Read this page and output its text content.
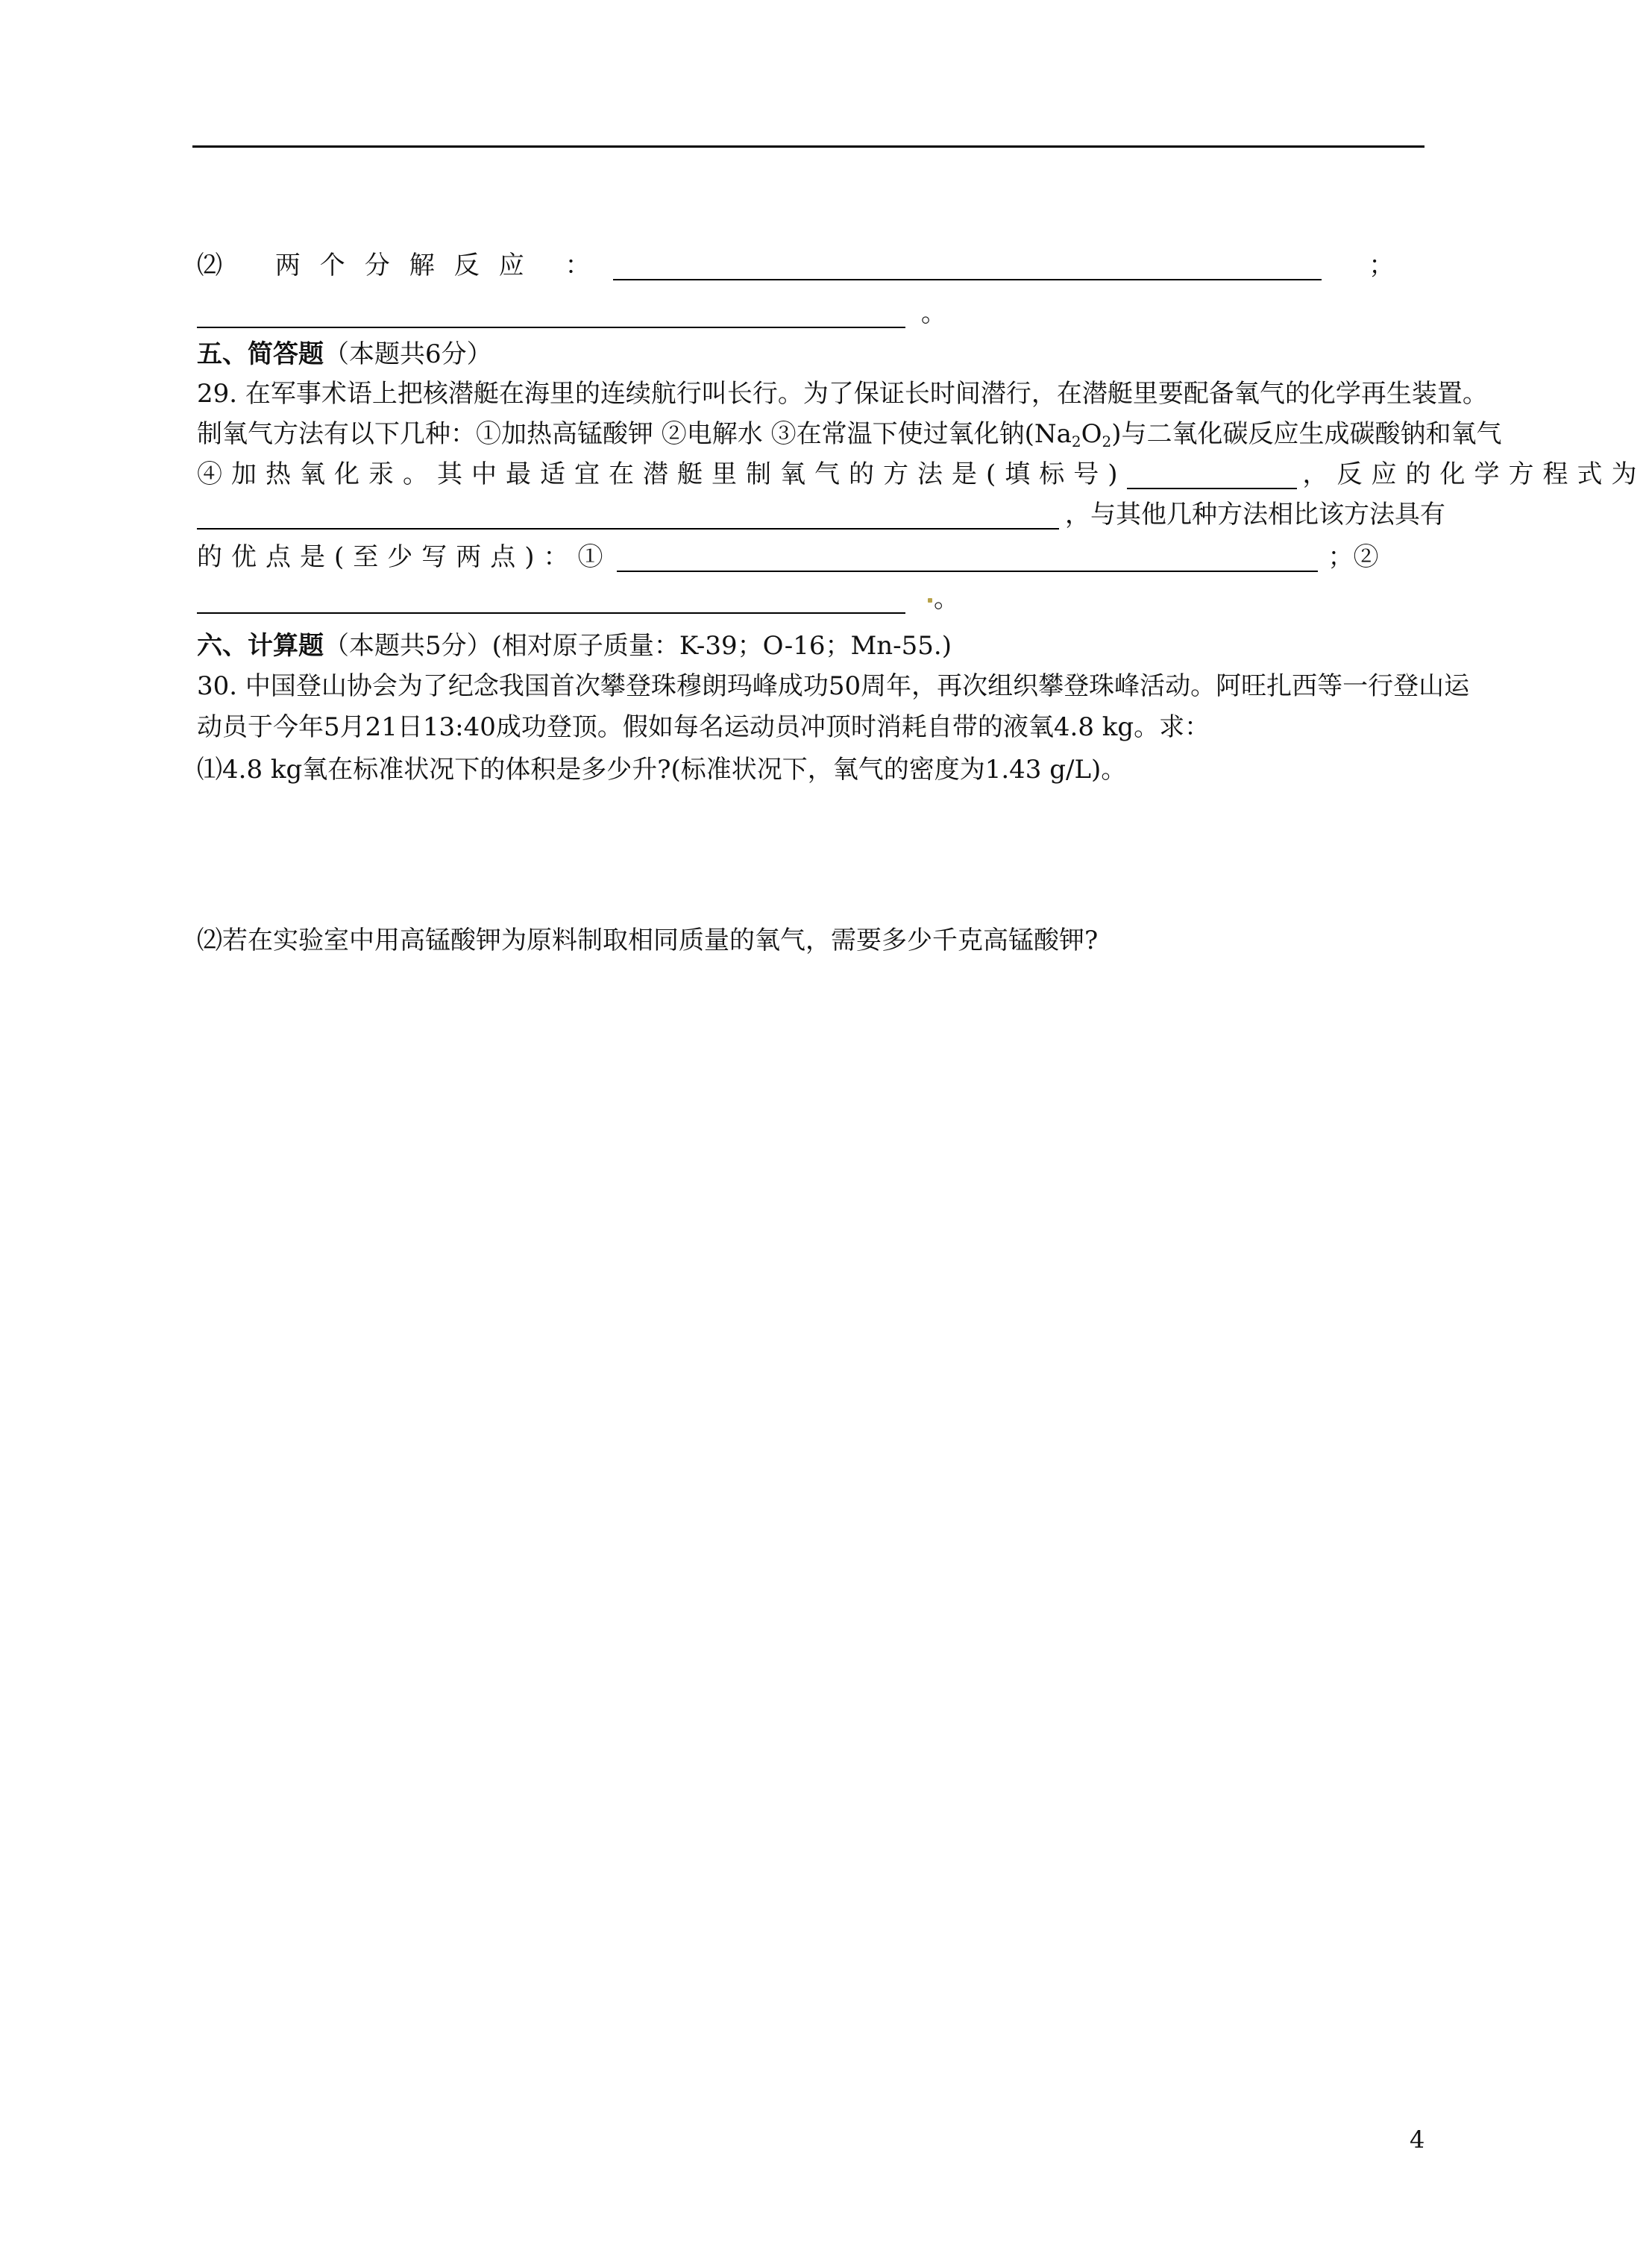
⑵ 两个分解反应 ：	；
。
五、简答题（本题共6分）
29. 在军事术语上把核潜艇在海里的连续航行叫长行。为了保证长时间潜行，在潜艇里要配备氧气的化学再生装置。
制氧气方法有以下几种：①加热高锰酸钾 ②电解水 ③在常温下使过氧化钠$(Na_2O_2)$与二氧化碳反应生成碳酸钠和氧气
④加热氧化汞。其中最适宜在潜艇里制氧气的方法是(填标号)	，反应的化学方程式为
，与其他几种方法相比该方法具有
的优点是(至少写两点)：①	；②
。
六、计算题（本题共5分）(相对原子质量：K-39；O-16；Mn-55.)
30. 中国登山协会为了纪念我国首次攀登珠穆朗玛峰成功50周年，再次组织攀登珠峰活动。阿旺扎西等一行登山运
动员于今年5月21日13:40成功登顶。假如每名运动员冲顶时消耗自带的液氧4.8 kg。求：
⑴4.8 kg氧在标准状况下的体积是多少升?(标准状况下，氧气的密度为1.43 g/L)。
⑵若在实验室中用高锰酸钾为原料制取相同质量的氧气，需要多少千克高锰酸钾?
4
